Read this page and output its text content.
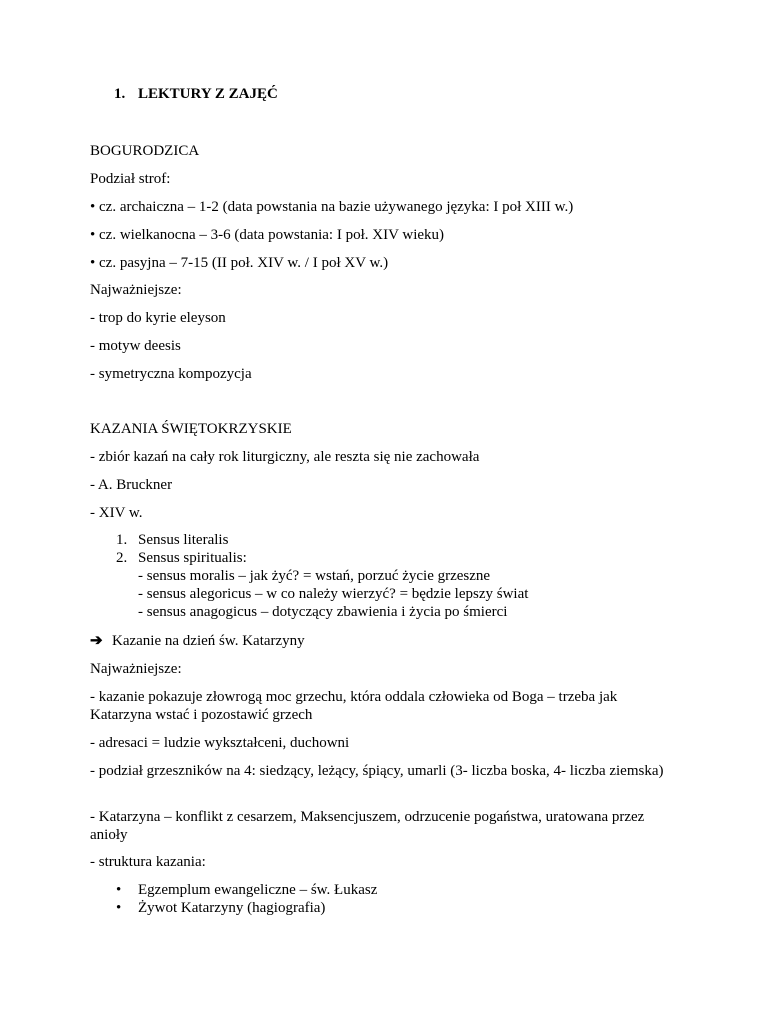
1. LEKTURY Z ZAJĘĆ
BOGURODZICA
Podział strof:
• cz. archaiczna – 1-2 (data powstania na bazie używanego języka: I poł XIII w.)
• cz. wielkanocna – 3-6 (data powstania: I poł. XIV wieku)
• cz. pasyjna – 7-15 (II poł. XIV w. / I poł XV w.)
Najważniejsze:
- trop do kyrie eleyson
- motyw deesis
- symetryczna kompozycja
KAZANIA ŚWIĘTOKRZYSKIE
- zbiór kazań na cały rok liturgiczny, ale reszta się nie zachowała
- A. Bruckner
- XIV w.
1. Sensus literalis
2. Sensus spiritualis:
- sensus moralis – jak żyć? = wstań, porzuć życie grzeszne
- sensus alegoricus – w co należy wierzyć? = będzie lepszy świat
- sensus anagogicus – dotyczący zbawienia i życia po śmierci
➔ Kazanie na dzień św. Katarzyny
Najważniejsze:
- kazanie pokazuje złowrogą moc grzechu, która oddala człowieka od Boga – trzeba jak Katarzyna wstać i pozostawić grzech
- adresaci = ludzie wykształceni, duchowni
- podział grzeszników na 4: siedzący, leżący, śpiący, umarli (3- liczba boska, 4- liczba ziemska)
- Katarzyna – konflikt z cesarzem, Maksencjuszem, odrzucenie pogaństwa, uratowana przez anioły
- struktura kazania:
• Egzemplum ewangeliczne – św. Łukasz
• Żywot Katarzyny (hagiografia)
